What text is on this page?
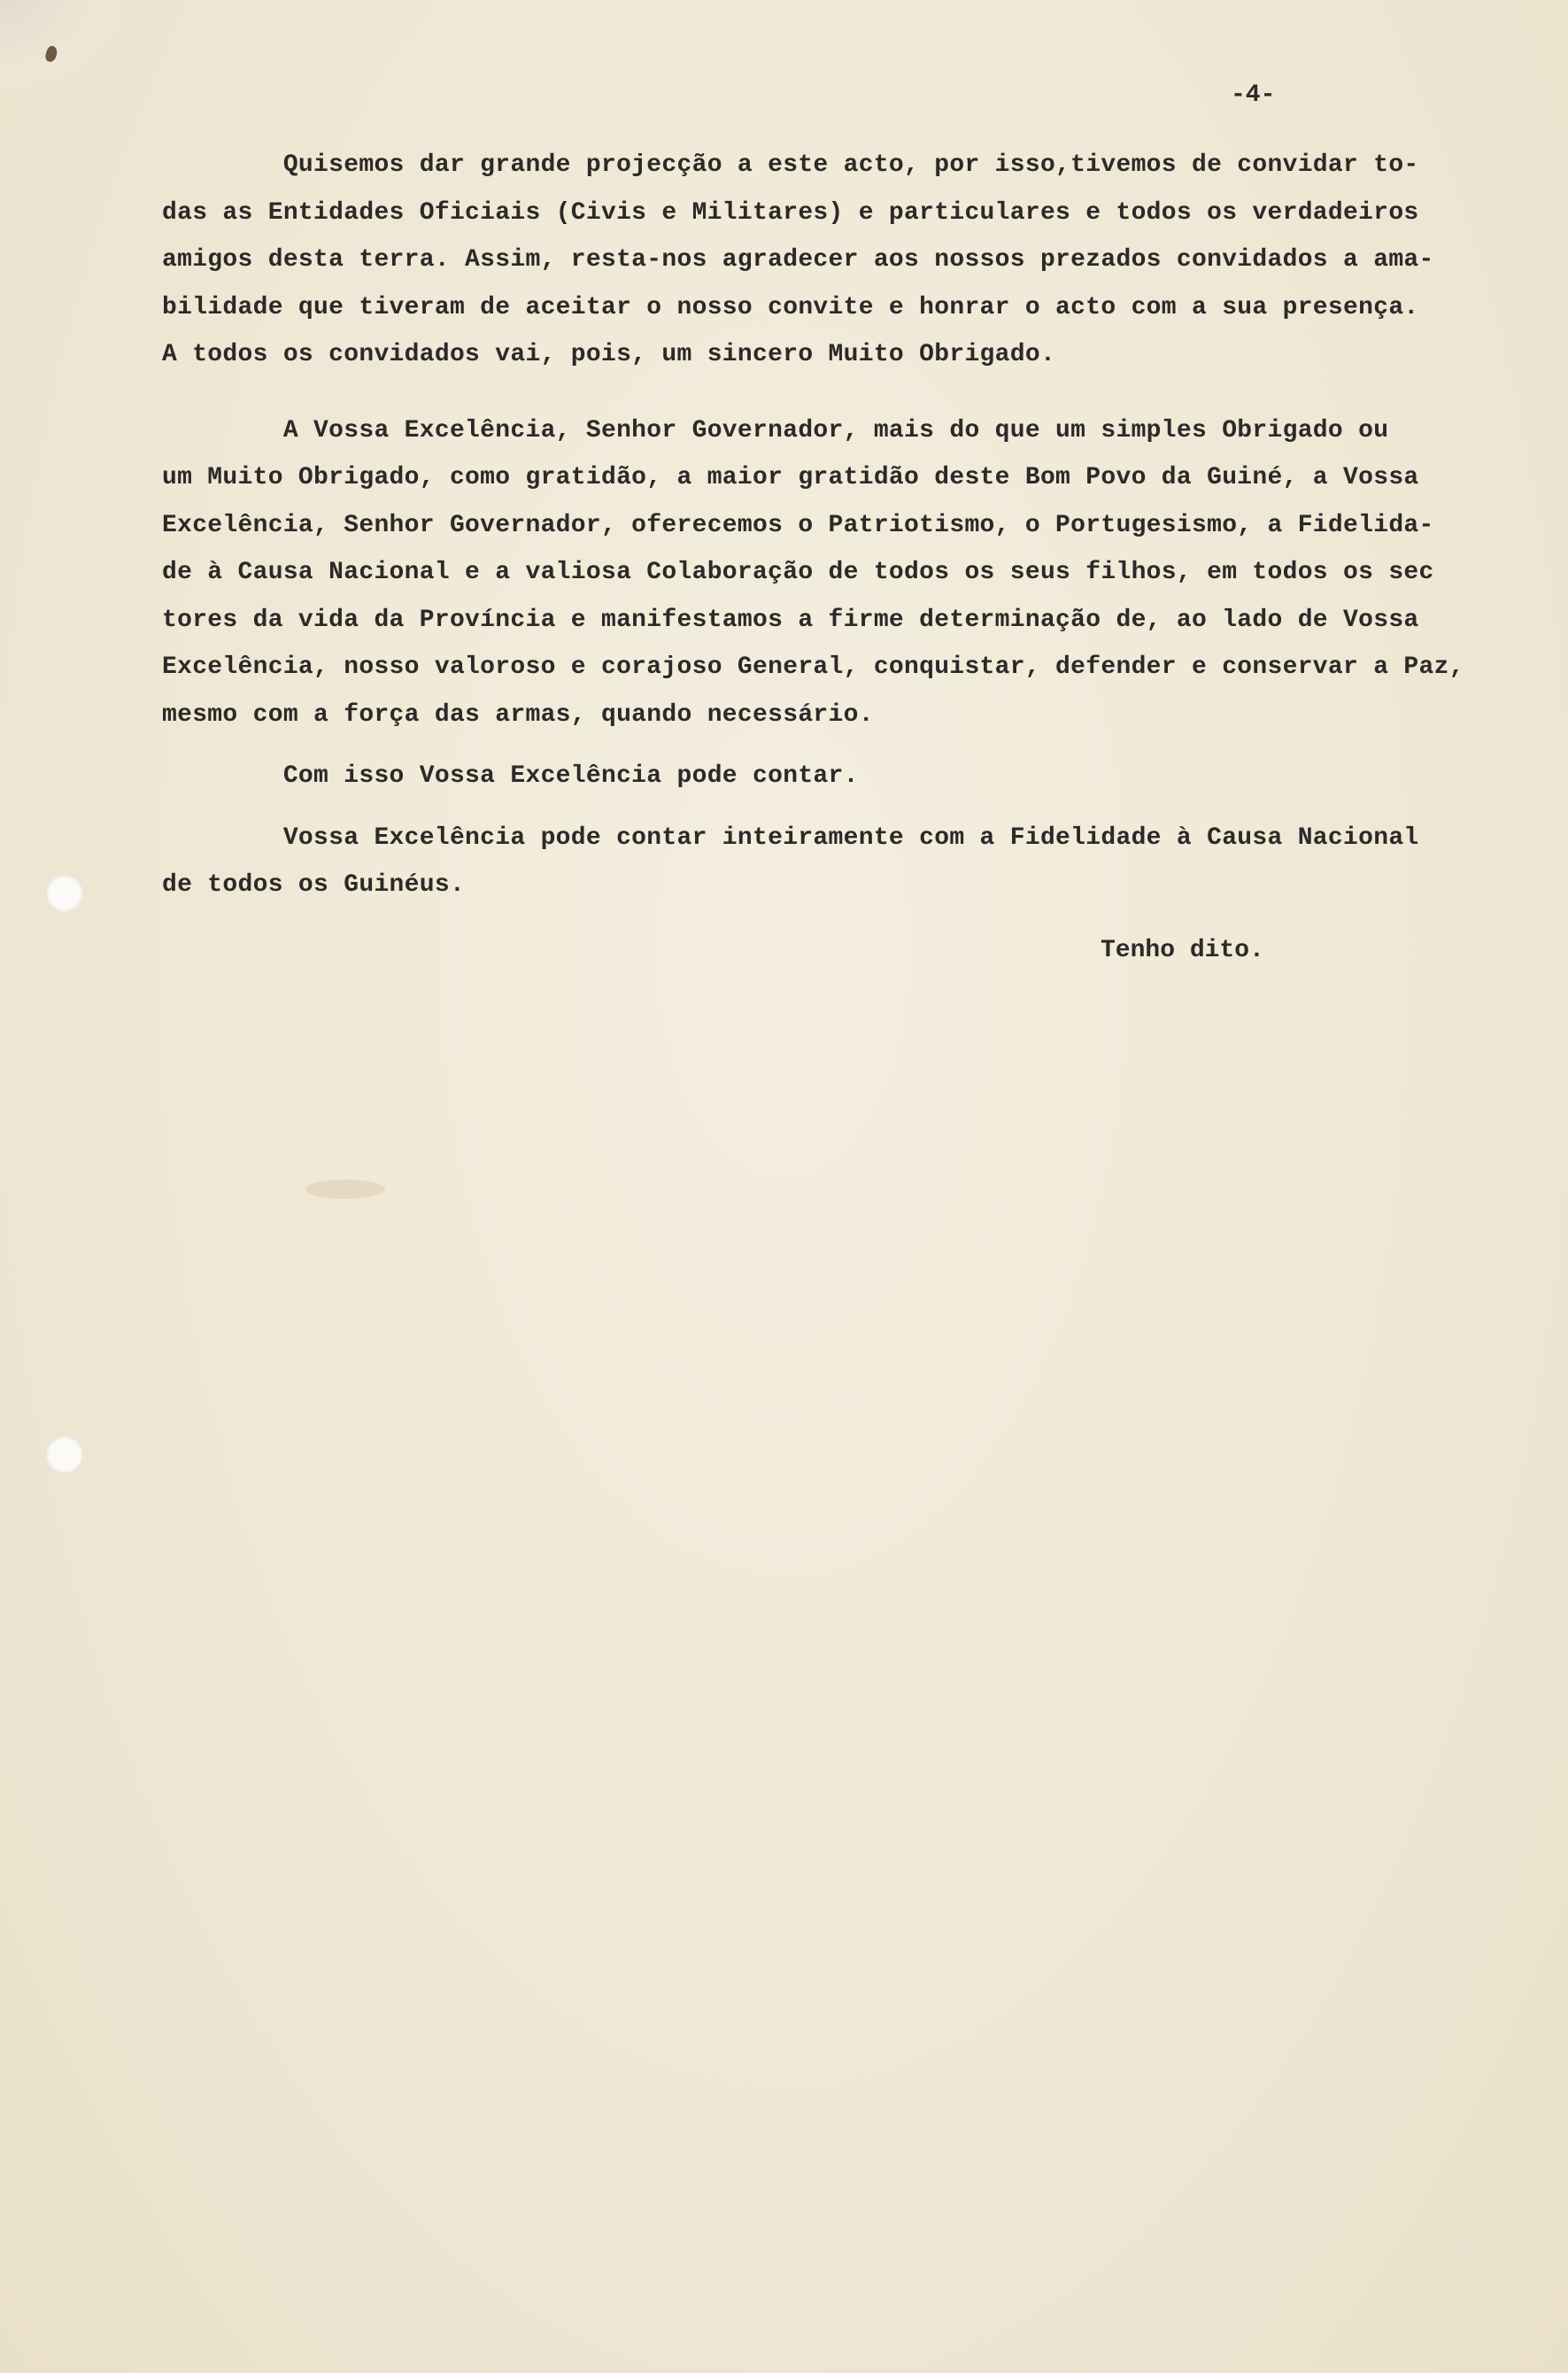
-4-
Quisemos dar grande projecção a este acto, por isso,tivemos de convidar to-
das as Entidades Oficiais (Civis e Militares) e particulares e todos os verdadeiros
amigos desta terra. Assim, resta-nos agradecer aos nossos prezados convidados a ama-
bilidade que tiveram de aceitar o nosso convite e honrar o acto com a sua presença.
A todos os convidados vai, pois, um sincero Muito Obrigado.
A Vossa Excelência, Senhor Governador, mais do que um simples Obrigado ou
um Muito Obrigado, como gratidão, a maior gratidão deste Bom Povo da Guiné, a Vossa
Excelência, Senhor Governador, oferecemos o Patriotismo, o Portugesismo, a Fidelida-
de à Causa Nacional e a valiosa Colaboração de todos os seus filhos, em todos os sec
tores da vida da Província e manifestamos a firme determinação de, ao lado de Vossa
Excelência, nosso valoroso e corajoso General, conquistar, defender e conservar a Paz,
mesmo com a força das armas, quando necessário.
Com isso Vossa Excelência pode contar.
Vossa Excelência pode contar inteiramente com a Fidelidade à Causa Nacional
de todos os Guinéus.
Tenho dito.
